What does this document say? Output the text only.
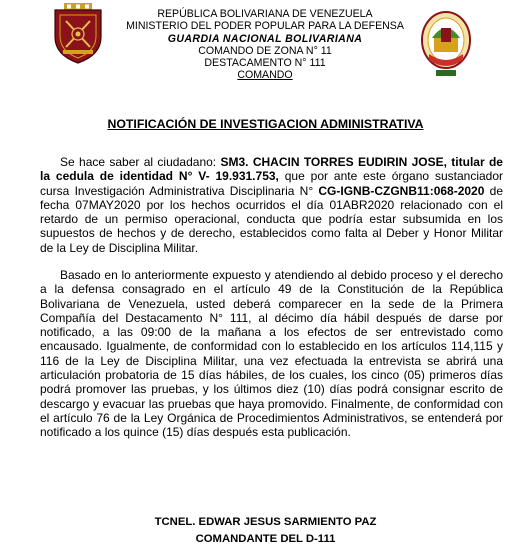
REPÚBLICA BOLIVARIANA DE VENEZUELA
MINISTERIO DEL PODER POPULAR PARA LA DEFENSA
GUARDIA NACIONAL BOLIVARIANA
COMANDO DE ZONA N° 11
DESTACAMENTO N° 111
COMANDO
NOTIFICACIÓN DE INVESTIGACION ADMINISTRATIVA

Se hace saber al ciudadano: SM3. CHACIN TORRES EUDIRIN JOSE, titular de la cedula de identidad N° V- 19.931.753, que por ante este órgano sustanciador cursa Investigación Administrativa Disciplinaria N° CG-IGNB-CZGNB11:068-2020 de fecha 07MAY2020 por los hechos ocurridos el día 01ABR2020 relacionado con el retardo de un permiso operacional, conducta que podría estar subsumida en los supuestos de hechos y de derecho, establecidos como falta al Deber y Honor Militar de la Ley de Disciplina Militar.

Basado en lo anteriormente expuesto y atendiendo al debido proceso y el derecho a la defensa consagrado en el artículo 49 de la Constitución de la República Bolivariana de Venezuela, usted deberá comparecer en la sede de la Primera Compañía del Destacamento N° 111, al décimo día hábil después de darse por notificado, a las 09:00 de la mañana a los efectos de ser entrevistado como encausado. Igualmente, de conformidad con lo establecido en los artículos 114,115 y 116 de la Ley de Disciplina Militar, una vez efectuada la entrevista se abrirá una articulación probatoria de 15 días hábiles, de los cuales, los cinco (05) primeros días podrá promover las pruebas, y los últimos diez (10) días podrá consignar escrito de descargo y evacuar las pruebas que haya promovido. Finalmente, de conformidad con el artículo 76 de la Ley Orgánica de Procedimientos Administrativos, se entenderá por notificado a los quince (15) días después esta publicación.

TCNEL. EDWAR JESUS SARMIENTO PAZ
COMANDANTE DEL D-111
